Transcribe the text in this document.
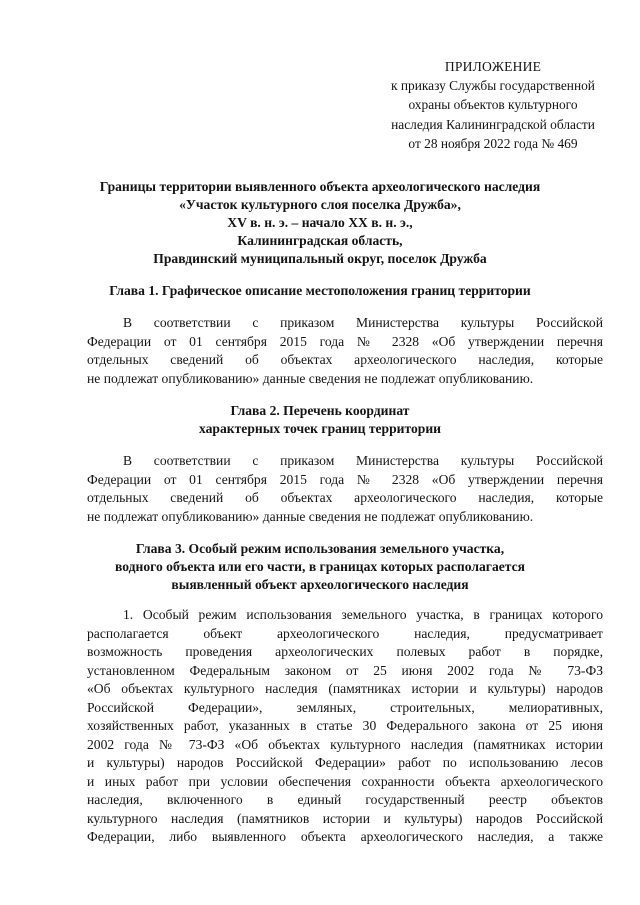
ПРИЛОЖЕНИЕ
к приказу Службы государственной
охраны объектов культурного
наследия Калининградской области
от 28 ноября 2022 года № 469
Границы территории выявленного объекта археологического наследия
«Участок культурного слоя поселка Дружба»,
XV в. н. э. – начало XX в. н. э.,
Калининградская область,
Правдинский муниципальный округ, поселок Дружба
Глава 1. Графическое описание местоположения границ территории
В соответствии с приказом Министерства культуры Российской
Федерации от 01 сентября 2015 года № 2328 «Об утверждении перечня
отдельных сведений об объектах археологического наследия, которые
не подлежат опубликованию» данные сведения не подлежат опубликованию.
Глава 2. Перечень координат
характерных точек границ территории
В соответствии с приказом Министерства культуры Российской
Федерации от 01 сентября 2015 года № 2328 «Об утверждении перечня
отдельных сведений об объектах археологического наследия, которые
не подлежат опубликованию» данные сведения не подлежат опубликованию.
Глава 3. Особый режим использования земельного участка,
водного объекта или его части, в границах которых располагается
выявленный объект археологического наследия
1. Особый режим использования земельного участка, в границах которого
располагается объект археологического наследия, предусматривает
возможность проведения археологических полевых работ в порядке,
установленном Федеральным законом от 25 июня 2002 года № 73-ФЗ
«Об объектах культурного наследия (памятниках истории и культуры) народов
Российской Федерации», земляных, строительных, мелиоративных,
хозяйственных работ, указанных в статье 30 Федерального закона от 25 июня
2002 года № 73-ФЗ «Об объектах культурного наследия (памятниках истории
и культуры) народов Российской Федерации» работ по использованию лесов
и иных работ при условии обеспечения сохранности объекта археологического
наследия, включенного в единый государственный реестр объектов
культурного наследия (памятников истории и культуры) народов Российской
Федерации, либо выявленного объекта археологического наследия, а также
